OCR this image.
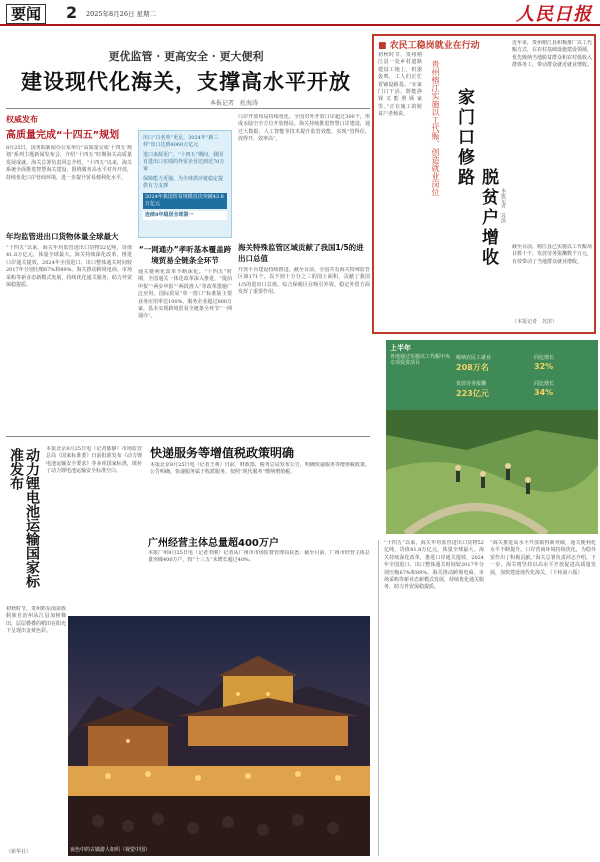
要闻	2 2025年8月26日 星期二	人民日报
更优监管 · 更高安全 · 更大便利
建设现代化海关，支撑高水平开放
本报记者　杜海涛
权威发布
高质量完成“十四五”规划
8月25日，国务院新闻办公室举行“高质量完成‘十四五’规划”系列主题新闻发布会，介绍“十四五”时期海关高质量发展成就。海关总署负责同志介绍，“十四五”以来，海关系统全面推进智慧海关建设，围绕服务高水平对外开放，持续优化口岸营商环境，进一步提升贸易便利化水平。
年均监管进出口货物体量全球最大
“十四五”以来，海关年均监管进出口货物52亿吨，货值41.8万亿元，体量全球最大。海关持续深化改革，推进口岸通关提效，2024年全国进口、出口整体通关时间较2017年分别压缩67%和89%。海关推动跨境电商、市场采购等新业态新模式发展，持续优化通关服务，助力外贸保稳提质。
出口“白名单”更足，2024年“新三样”出口达到4060万亿元
进口来源更广，“十四五”期间，我国有进出口实绩的外贸企业达到近70万家
保障能力更强，为全球供应链稳定提供有力支撑
2024年我国贸易规模首次突破43.8万亿元
连续8年稳居全球第一
“一网通办”孝听基本覆盖跨境贸易全链条全环节
通关便利化改革不断深化。“十四五”时期，全国通关一体化改革深入推进，“提前申报”“两步申报”“两段准入”等改革措施广泛应用。国际贸易“单一窗口”标准版主要业务应用率达100%，服务企业超过800万家，基本实现跨境贸易全链条全环节“一网通办”。
口岸开放布局持续优化。全国对外开放口岸超过300个，形成水陆空全方位开放格局。海关持续推进智慧口岸建设，通过大数据、人工智能等技术提升监管效能，实现“管得住、放得开、效率高”。
海关特殊监管区域贡献了我国1/5的进出口总值
开放平台建设持续推进。截至目前，全国共有海关特殊监管区域171个，以不到十万分之三的国土面积，贡献了我国1/5的进出口总值。综合保税区在吸引外资、稳定外贸方面发挥了重要作用。
动力锂电池运输国家标准发布	本报北京8月25日电（记者郁静）市场监管总局（国家标准委）日前批准发布《动力锂电池运输安全要求》等多项国家标准，填补了动力锂电池运输安全标准空白。
快递服务等增值税政策明确
本报北京8月25日电（记者王观）日前，财政部、税务总局发布公告，明确快递服务等增值税政策。公告明确，快递服务属于收派服务，按照“现代服务”缴纳增值税。
广州经营主体总量超400万户
本报广州8月25日电（记者李刚）记者从广州市市场监督管理局获悉：截至目前，广州市经营主体总量突破400万户，较“十三五”末增长超过40%。
初秋时节，贵州黔东南苗族侗族自治州从江县加榜梯田，层层叠叠的稻田在阳光下呈现出金黄色彩。
（新华社）	夜色中的古镇游人如织（视觉中国）
■ 农民工稳岗就业在行动
初秋时节，贵州榕江县一处乡村道路建设工地上，机器轰鸣，工人们正忙着铺设路基。“在家门口干活，既能挣钱又能照顾家里。”正在施工的脱贫户老杨说。	贵州榕江实施以工代赈、创造就业岗位 家门口修路
脱贫户增收 本报记者　苏滨
近年来，贵州榕江县积极推广以工代赈方式，在农村基础设施建设领域，优先吸纳当地脱贫群众和农村低收入群体务工，带动群众就近就业增收。
截至目前，榕江县已实施以工代赈项目数十个，发放劳务报酬数千万元，有效带动了当地群众就业增收。
（本报记者　苏滨）
上半年
各地通过实施以工代赈中央专项投资项目
吸纳农民工就业
208万名
发放劳务报酬
223亿元
同比增长
32%
同比增长
34%
“十四五”以来，海关年均监管进出口货物52亿吨，货值41.8万亿元，体量全球最大。海关持续深化改革，推进口岸通关提效，2024年全国进口、出口整体通关时间较2017年分别压缩67%和89%。海关推动跨境电商、市场采购等新业态新模式发展，持续优化通关服务，助力外贸保稳提质。
“海关推进高水平开放取得新突破，通关便利化水平不断提升，口岸营商环境持续优化，为稳外贸作出了积极贡献。”海关总署负责同志介绍。下一步，海关将坚持以高水平开放促进高质量发展，加快建设现代化海关。（下转第六版）
